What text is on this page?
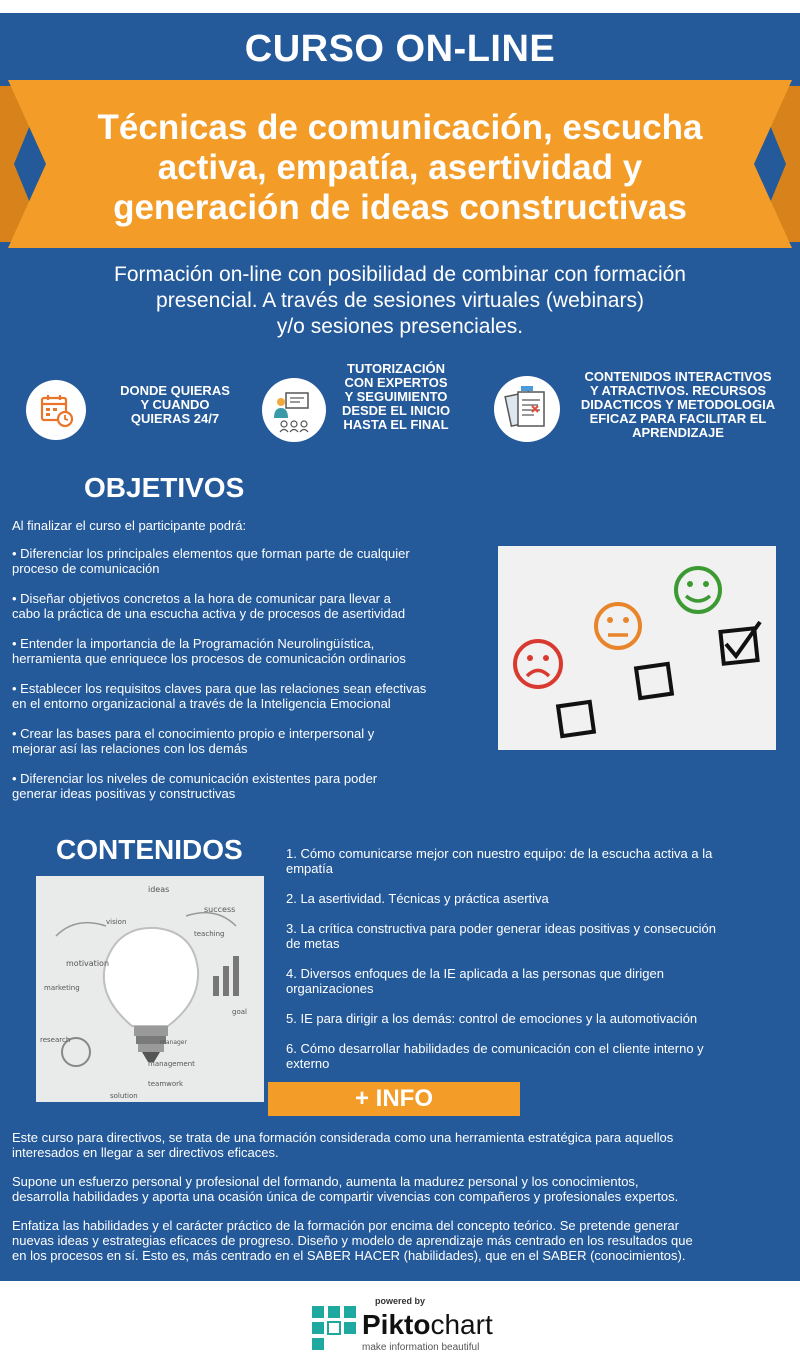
CURSO ON-LINE
Técnicas de comunicación, escucha
activa, empatía, asertividad y
generación de ideas constructivas
Formación on-line con posibilidad de combinar con formación
presencial. A través de sesiones virtuales (webinars)
y/o sesiones presenciales.
DONDE QUIERAS
Y CUANDO
QUIERAS 24/7
TUTORIZACIÓN
CON EXPERTOS
Y SEGUIMIENTO
DESDE EL INICIO
HASTA EL FINAL
CONTENIDOS INTERACTIVOS
Y ATRACTIVOS. RECURSOS
DIDACTICOS Y METODOLOGIA
EFICAZ PARA FACILITAR EL
APRENDIZAJE
OBJETIVOS
Al finalizar el curso el participante podrá:
• Diferenciar los principales elementos que forman parte de cualquier
proceso de comunicación
• Diseñar objetivos concretos a la hora de comunicar para llevar a
cabo la práctica de una escucha activa y de procesos de asertividad
• Entender la importancia de la Programación Neurolingüística,
herramienta que enriquece los procesos de comunicación ordinarios
• Establecer los requisitos claves para que las relaciones sean efectivas
en el entorno organizacional a través de la Inteligencia Emocional
• Crear las bases para el conocimiento propio e interpersonal y
mejorar así las relaciones con los demás
• Diferenciar los niveles de comunicación existentes para poder
generar ideas positivas y constructivas
CONTENIDOS
ideas
success
vision
teaching
motivation
marketing
research
management
teamwork
solution
manager
goal
1. Cómo comunicarse mejor con nuestro equipo: de la escucha activa a la
empatía
2. La asertividad. Técnicas y práctica asertiva
3. La crítica constructiva para poder generar ideas positivas y consecución
de metas
4. Diversos enfoques de la IE aplicada a las personas que dirigen
organizaciones
5. IE para dirigir a los demás: control de emociones y la automotivación
6. Cómo desarrollar habilidades de comunicación con el cliente interno y
externo
+ INFO

Este curso para directivos, se trata de una formación considerada como una herramienta estratégica para aquellos
interesados en llegar a ser directivos eficaces.

Supone un esfuerzo personal y profesional del formando, aumenta la madurez personal y los conocimientos,
desarrolla habilidades y aporta una ocasión única de compartir vivencias con compañeros y profesionales expertos.

Enfatiza las habilidades y el carácter práctico de la formación por encima del concepto teórico. Se pretende generar
nuevas ideas y estrategias eficaces de progreso. Diseño y modelo de aprendizaje más centrado en los resultados que
en los procesos en sí. Esto es, más centrado en el SABER HACER (habilidades), que en el SABER (conocimientos).

powered by
Piktochart
make information beautiful
